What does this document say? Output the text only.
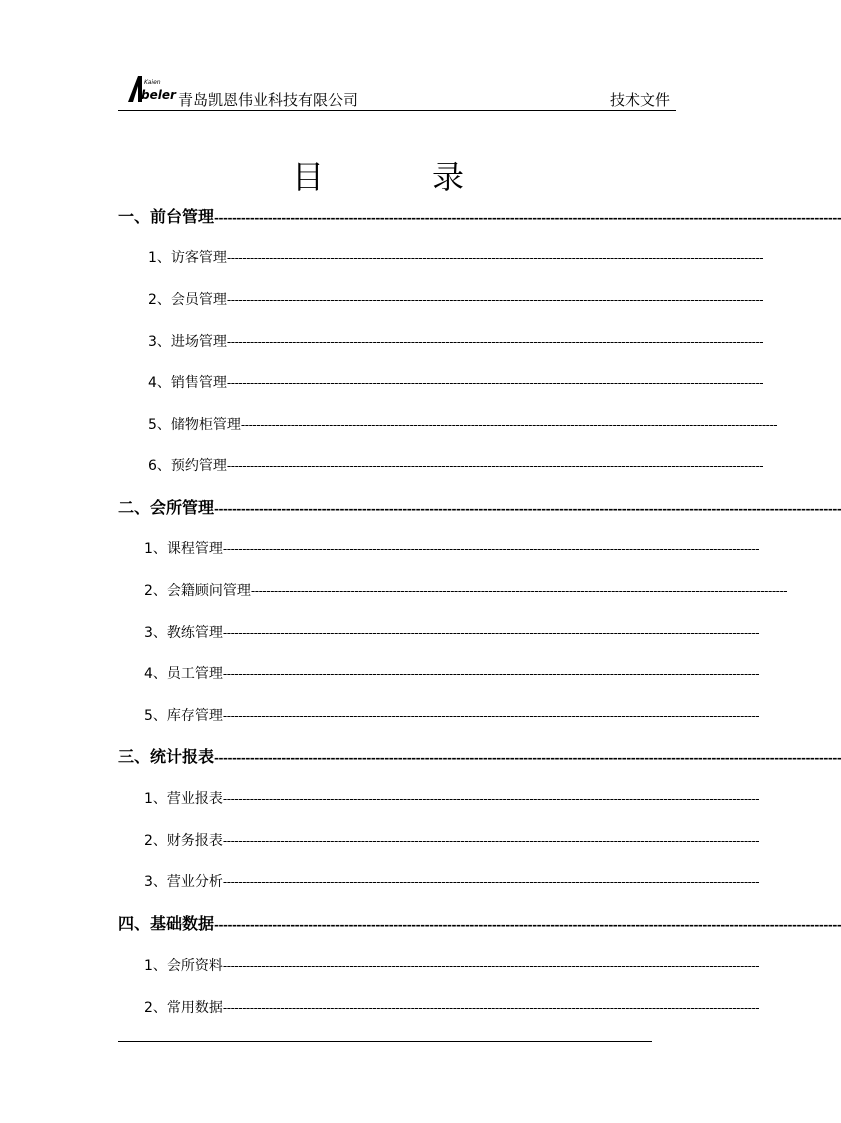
Kaien
beler 青岛凯恩伟业科技有限公司	技术文件
目	录
一、 前台管理 --------------------------------------------------------------------------------------------------------------------------------------------
1、 访客管理 --------------------------------------------------------------------------------------------------------------------------------------------
2、 会员管理 --------------------------------------------------------------------------------------------------------------------------------------------
3、 进场管理 --------------------------------------------------------------------------------------------------------------------------------------------
4、 销售管理 --------------------------------------------------------------------------------------------------------------------------------------------
5、 储物柜管理 --------------------------------------------------------------------------------------------------------------------------------------------
6、 预约管理 --------------------------------------------------------------------------------------------------------------------------------------------
二、 会所管理 --------------------------------------------------------------------------------------------------------------------------------------------
1、 课程管理 --------------------------------------------------------------------------------------------------------------------------------------------
2、 会籍顾问管理 --------------------------------------------------------------------------------------------------------------------------------------------
3、 教练管理 --------------------------------------------------------------------------------------------------------------------------------------------
4、 员工管理 --------------------------------------------------------------------------------------------------------------------------------------------
5、 库存管理 --------------------------------------------------------------------------------------------------------------------------------------------
三、 统计报表 --------------------------------------------------------------------------------------------------------------------------------------------
1、 营业报表 --------------------------------------------------------------------------------------------------------------------------------------------
2、 财务报表 --------------------------------------------------------------------------------------------------------------------------------------------
3、 营业分析 --------------------------------------------------------------------------------------------------------------------------------------------
四、 基础数据 --------------------------------------------------------------------------------------------------------------------------------------------
1、 会所资料 --------------------------------------------------------------------------------------------------------------------------------------------
2、 常用数据 --------------------------------------------------------------------------------------------------------------------------------------------
